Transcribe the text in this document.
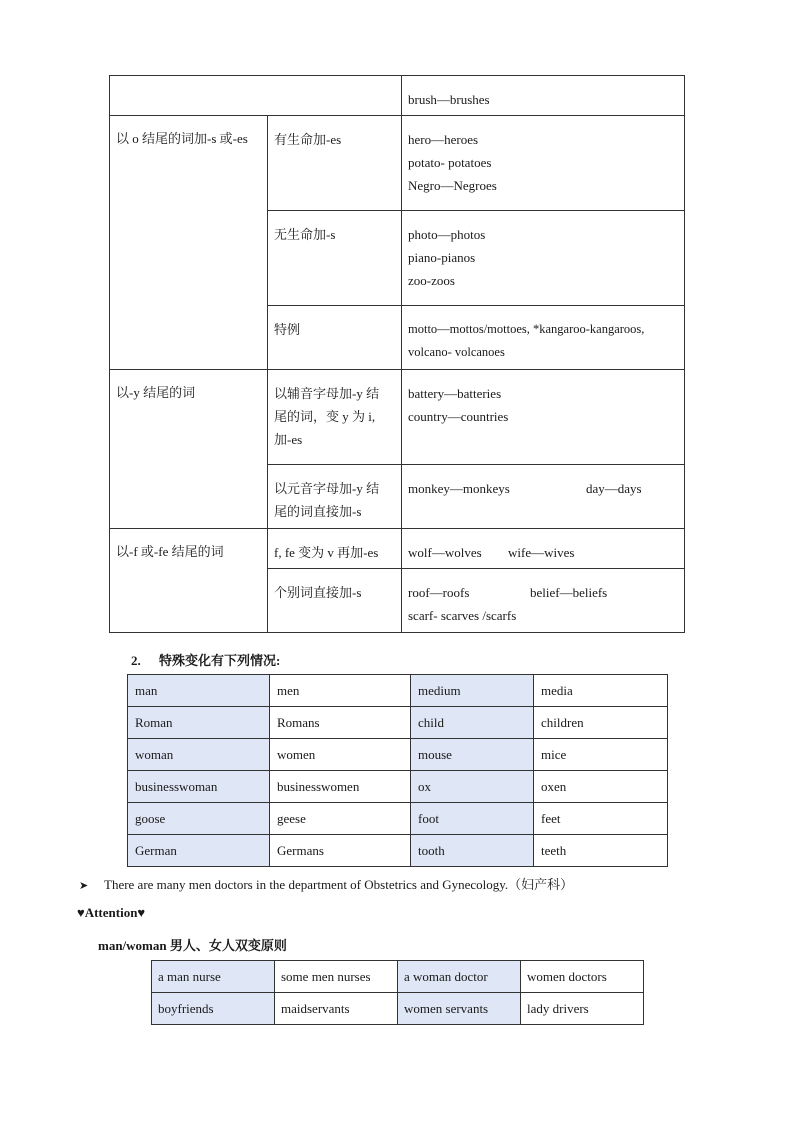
		brush—brushes

以 o 结尾的词加-s 或-es	有生命加-es	hero—heroes
potato- potatoes
Negro—Negroes

	无生命加-s	photo—photos
piano-pianos
zoo-zoos

	特例	motto—mottos/mottoes, *kangaroo-kangaroos,
volcano- volcanoes

以-y 结尾的词	以辅音字母加-y 结
尾的词，变 y 为 i,
加-es	battery—batteries
country—countries

	以元音字母加-y 结
尾的词直接加-s	monkey—monkeys day—days

以-f 或-fe 结尾的词	f, fe 变为 v 再加-es	wolf—wolves wife—wives

	个别词直接加-s	roof—roofs belief—beliefs
scarf- scarves /scarfs
2. 特殊变化有下列情况:
man	men	medium	media
Roman	Romans	child	children
woman	women	mouse	mice
businesswoman	businesswomen	ox	oxen
goose	geese	foot	feet
German	Germans	tooth	teeth
➤ There are many men doctors in the department of Obstetrics and Gynecology.（妇产科）
♥Attention♥
man/woman 男人、女人双变原则
a man nurse	some men nurses	a woman doctor	women doctors
boyfriends	maidservants	women servants	lady drivers
